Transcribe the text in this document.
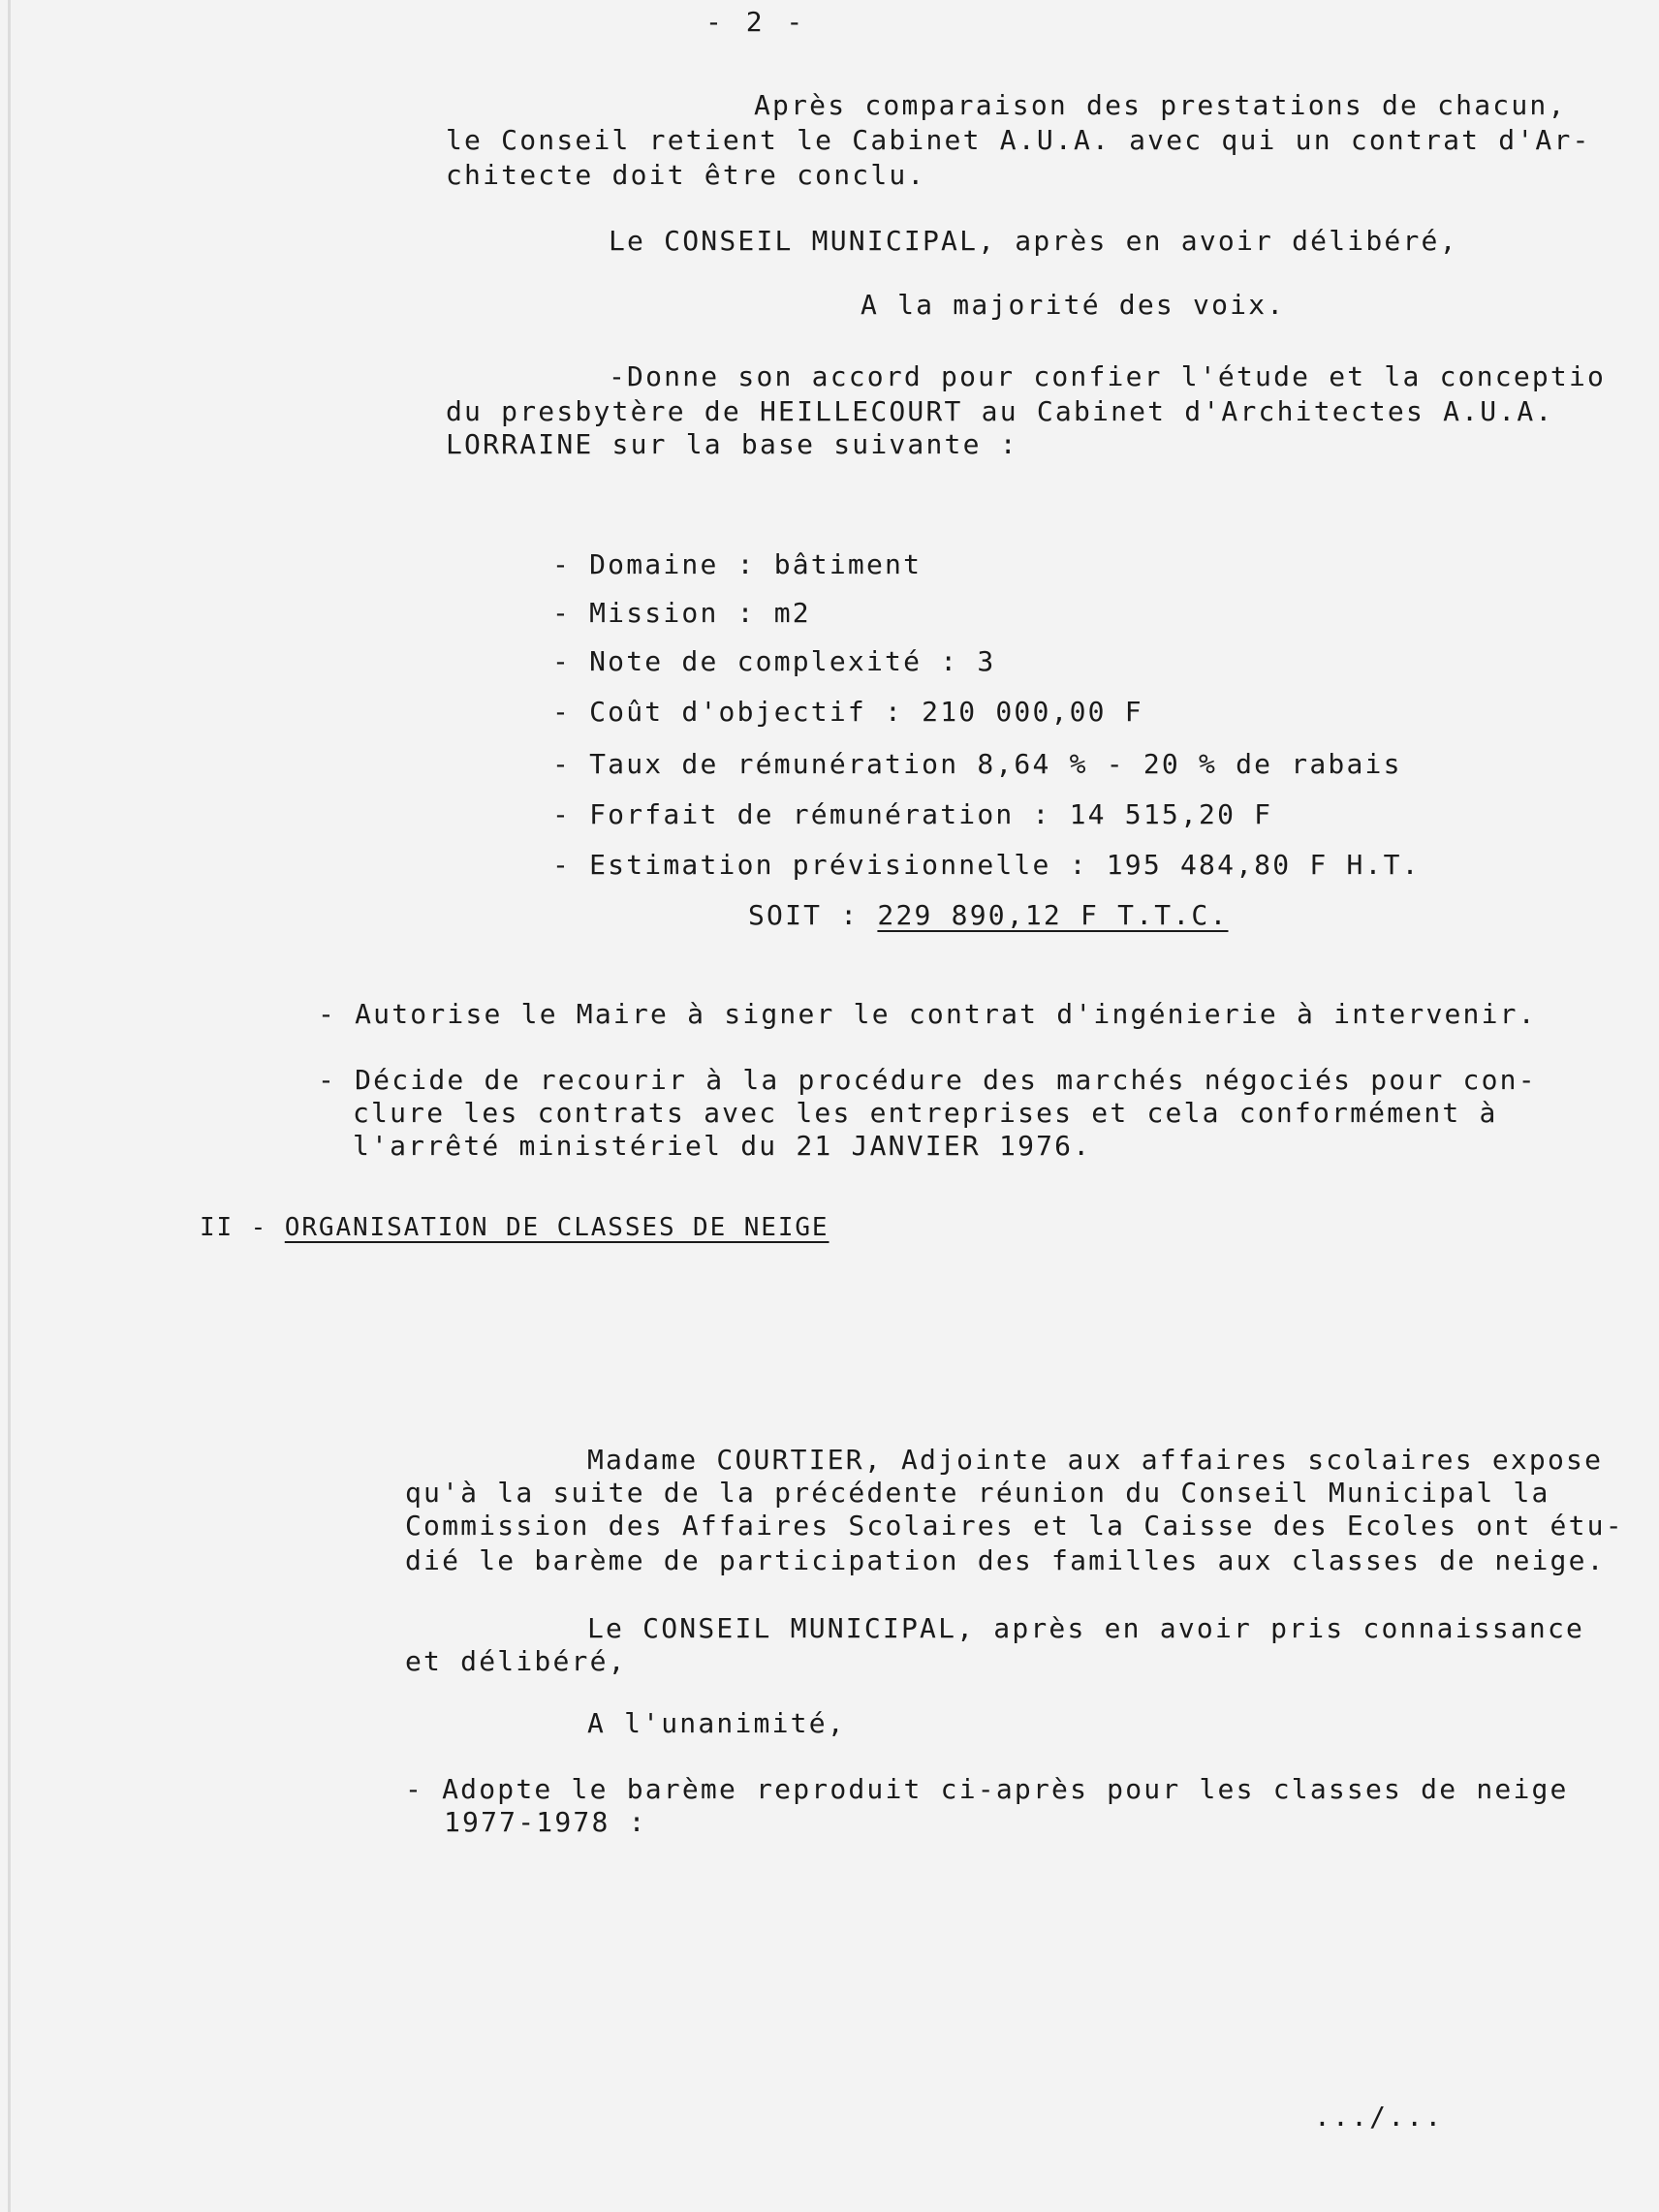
- 2 -
Après comparaison des prestations de chacun,
le Conseil retient le Cabinet A.U.A. avec qui un contrat d'Ar-
chitecte doit être conclu.
Le CONSEIL MUNICIPAL, après en avoir délibéré,
A la majorité des voix.
-Donne son accord pour confier l'étude et la conceptio
du presbytère de HEILLECOURT au Cabinet d'Architectes A.U.A.
LORRAINE sur la base suivante :
- Domaine : bâtiment
- Mission : m2
- Note de complexité : 3
- Coût d'objectif : 210 000,00 F
- Taux de rémunération 8,64 % - 20 % de rabais
- Forfait de rémunération : 14 515,20 F
- Estimation prévisionnelle : 195 484,80 F H.T.
SOIT : 229 890,12 F T.T.C.
- Autorise le Maire à signer le contrat d'ingénierie à intervenir.
- Décide de recourir à la procédure des marchés négociés pour con-
clure les contrats avec les entreprises et cela conformément à
l'arrêté ministériel du 21 JANVIER 1976.
II - ORGANISATION DE CLASSES DE NEIGE
Madame COURTIER, Adjointe aux affaires scolaires expose
qu'à la suite de la précédente réunion du Conseil Municipal la
Commission des Affaires Scolaires et la Caisse des Ecoles ont étu-
dié le barème de participation des familles aux classes de neige.
Le CONSEIL MUNICIPAL, après en avoir pris connaissance
et délibéré,
A l'unanimité,
- Adopte le barème reproduit ci-après pour les classes de neige
1977-1978 :
.../...
